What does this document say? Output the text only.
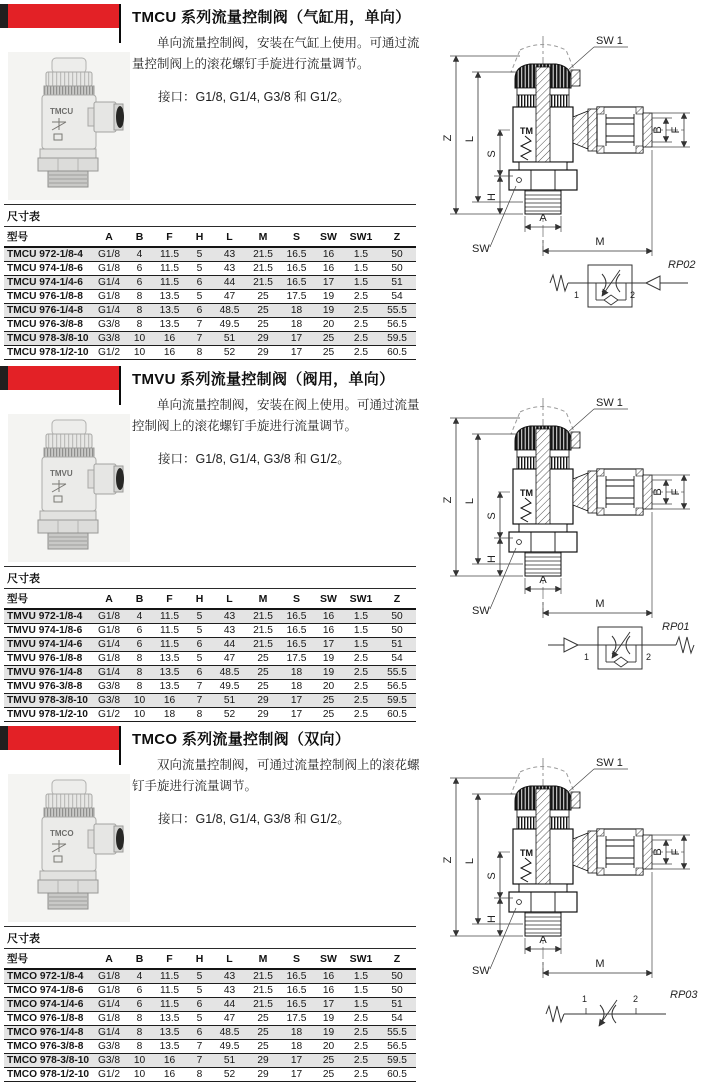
TMCU 系列流量控制阀（气缸用，单向）
单向流量控制阀，安装在气缸上使用。可通过流量控制阀上的滚花螺钉手旋进行流量调节。
接口：G1/8, G1/4, G3/8 和 G1/2。
TMCU
TM
Z L
S
H
B F
A
M
SW
SW 1
1	2
RP02
尺寸表
型号	A	B	F	H	L	M	S	SW	SW1	Z
TMCU 972-1/8-4	G1/8	4	11.5	5	43	21.5	16.5	16	1.5	50
TMCU 974-1/8-6	G1/8	6	11.5	5	43	21.5	16.5	16	1.5	50
TMCU 974-1/4-6	G1/4	6	11.5	6	44	21.5	16.5	17	1.5	51
TMCU 976-1/8-8	G1/8	8	13.5	5	47	25	17.5	19	2.5	54
TMCU 976-1/4-8	G1/4	8	13.5	6	48.5	25	18	19	2.5	55.5
TMCU 976-3/8-8	G3/8	8	13.5	7	49.5	25	18	20	2.5	56.5
TMCU 978-3/8-10	G3/8	10	16	7	51	29	17	25	2.5	59.5
TMCU 978-1/2-10	G1/2	10	16	8	52	29	17	25	2.5	60.5
TMVU 系列流量控制阀（阀用，单向）
单向流量控制阀，安装在阀上使用。可通过流量控制阀上的滚花螺钉手旋进行流量调节。
接口：G1/8, G1/4, G3/8 和 G1/2。
TMVU
TM
Z L
S
H
B F
A
M
SW
SW 1
1	2
RP01
尺寸表
型号	A	B	F	H	L	M	S	SW	SW1	Z
TMVU 972-1/8-4	G1/8	4	11.5	5	43	21.5	16.5	16	1.5	50
TMVU 974-1/8-6	G1/8	6	11.5	5	43	21.5	16.5	16	1.5	50
TMVU 974-1/4-6	G1/4	6	11.5	6	44	21.5	16.5	17	1.5	51
TMVU 976-1/8-8	G1/8	8	13.5	5	47	25	17.5	19	2.5	54
TMVU 976-1/4-8	G1/4	8	13.5	6	48.5	25	18	19	2.5	55.5
TMVU 976-3/8-8	G3/8	8	13.5	7	49.5	25	18	20	2.5	56.5
TMVU 978-3/8-10	G3/8	10	16	7	51	29	17	25	2.5	59.5
TMVU 978-1/2-10	G1/2	10	18	8	52	29	17	25	2.5	60.5
TMCO 系列流量控制阀（双向）
双向流量控制阀，可通过流量控制阀上的滚花螺钉手旋进行流量调节。
接口：G1/8, G1/4, G3/8 和 G1/2。
TMCO
TM
Z L
S
H
B F
A
M
SW
SW 1
1	2	RP03
尺寸表
型号	A	B	F	H	L	M	S	SW	SW1	Z
TMCO 972-1/8-4	G1/8	4	11.5	5	43	21.5	16.5	16	1.5	50
TMCO 974-1/8-6	G1/8	6	11.5	5	43	21.5	16.5	16	1.5	50
TMCO 974-1/4-6	G1/4	6	11.5	6	44	21.5	16.5	17	1.5	51
TMCO 976-1/8-8	G1/8	8	13.5	5	47	25	17.5	19	2.5	54
TMCO 976-1/4-8	G1/4	8	13.5	6	48.5	25	18	19	2.5	55.5
TMCO 976-3/8-8	G3/8	8	13.5	7	49.5	25	18	20	2.5	56.5
TMCO 978-3/8-10	G3/8	10	16	7	51	29	17	25	2.5	59.5
TMCO 978-1/2-10	G1/2	10	16	8	52	29	17	25	2.5	60.5
